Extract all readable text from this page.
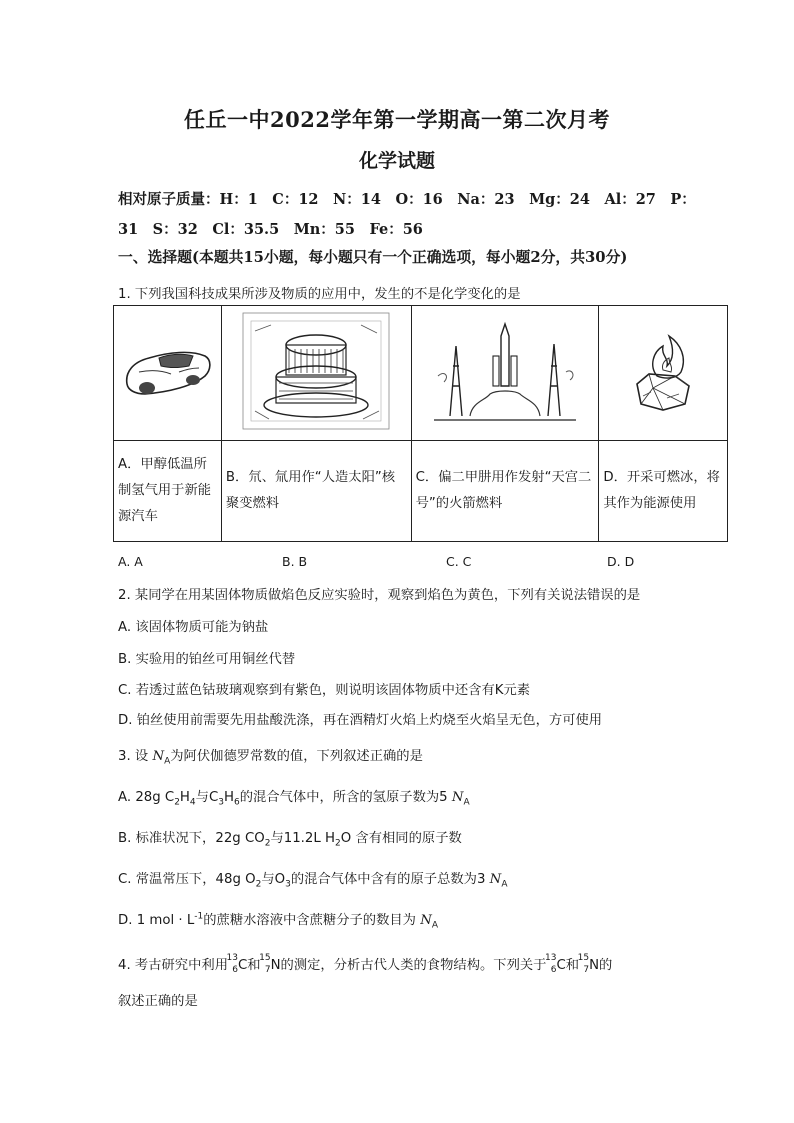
任丘一中2022学年第一学期高一第二次月考
化学试题
相对原子质量：H：1　C：12　N：14　O：16　Na：23　Mg：24　Al：27　P：
31　S：32　Cl：35.5　Mn：55　Fe：56
一、选择题(本题共15小题，每小题只有一个正确选项，每小题2分，共30分)
1. 下列我国科技成果所涉及物质的应用中，发生的不是化学变化的是

A．甲醇低温所制氢气用于新能源汽车	B．氘、氚用作“人造太阳”核聚变燃料	C．偏二甲肼用作发射“天宫二号”的火箭燃料	D．开采可燃冰，将其作为能源使用
A. A	B. B	C. C	D. D
2. 某同学在用某固体物质做焰色反应实验时，观察到焰色为黄色，下列有关说法错误的是
A. 该固体物质可能为钠盐
B. 实验用的铂丝可用铜丝代替
C. 若透过蓝色钴玻璃观察到有紫色，则说明该固体物质中还含有K元素
D. 铂丝使用前需要先用盐酸洗涤，再在酒精灯火焰上灼烧至火焰呈无色，方可使用
3. 设 $N_A$为阿伏伽德罗常数的值，下列叙述正确的是
A. 28g $C_2H_4$与$C_3H_6$的混合气体中，所含的氢原子数为5 $N_A$
B. 标准状况下，22g $CO_2$与11.2L $H_2O$ 含有相同的原子数
C. 常温常压下，48g $O_2$与$O_3$的混合气体中含有的原子总数为3 $N_A$
D. 1 mol · $L^{-1}$的蔗糖水溶液中含蔗糖分子的数目为 $N_A$
4. 考古研究中利用
13
6 C和
15
7 N的测定，分析古代人类的食物结构。下列关于
13
6 C和
15
7 N的
叙述正确的是
